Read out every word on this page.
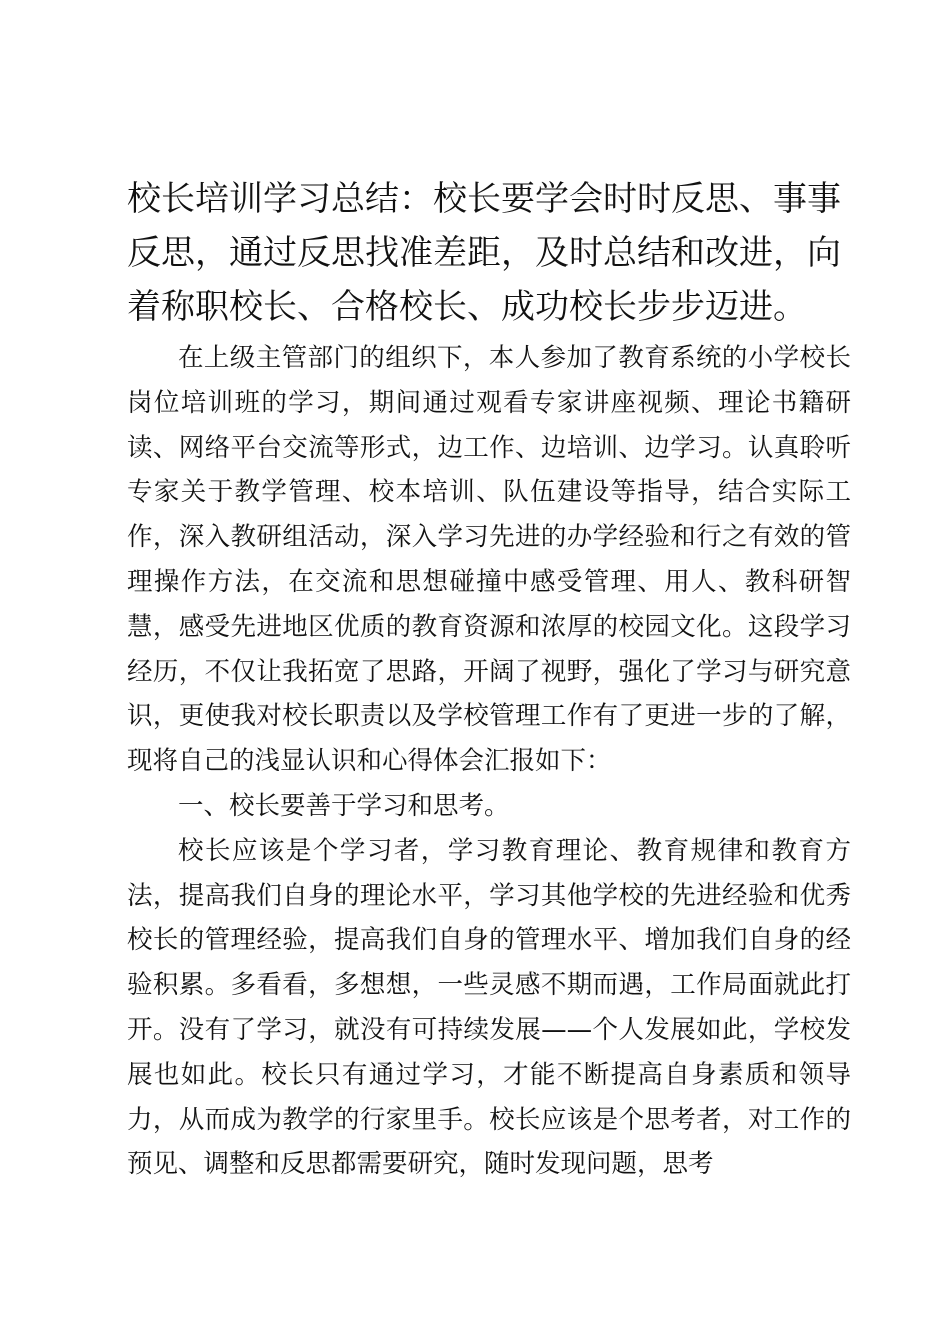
校长培训学习总结：校长要学会时时反思、事事反思，通过反思找准差距，及时总结和改进，向着称职校长、合格校长、成功校长步步迈进。

在上级主管部门的组织下，本人参加了教育系统的小学校长岗位培训班的学习，期间通过观看专家讲座视频、理论书籍研读、网络平台交流等形式，边工作、边培训、边学习。认真聆听专家关于教学管理、校本培训、队伍建设等指导，结合实际工作，深入教研组活动，深入学习先进的办学经验和行之有效的管理操作方法，在交流和思想碰撞中感受管理、用人、教科研智慧，感受先进地区优质的教育资源和浓厚的校园文化。这段学习经历，不仅让我拓宽了思路，开阔了视野，强化了学习与研究意识，更使我对校长职责以及学校管理工作有了更进一步的了解，现将自己的浅显认识和心得体会汇报如下：

一、校长要善于学习和思考。

校长应该是个学习者，学习教育理论、教育规律和教育方法，提高我们自身的理论水平，学习其他学校的先进经验和优秀校长的管理经验，提高我们自身的管理水平、增加我们自身的经验积累。多看看，多想想，一些灵感不期而遇，工作局面就此打开。没有了学习，就没有可持续发展——个人发展如此，学校发展也如此。校长只有通过学习，才能不断提高自身素质和领导力，从而成为教学的行家里手。校长应该是个思考者，对工作的预见、调整和反思都需要研究，随时发现问题，思考
